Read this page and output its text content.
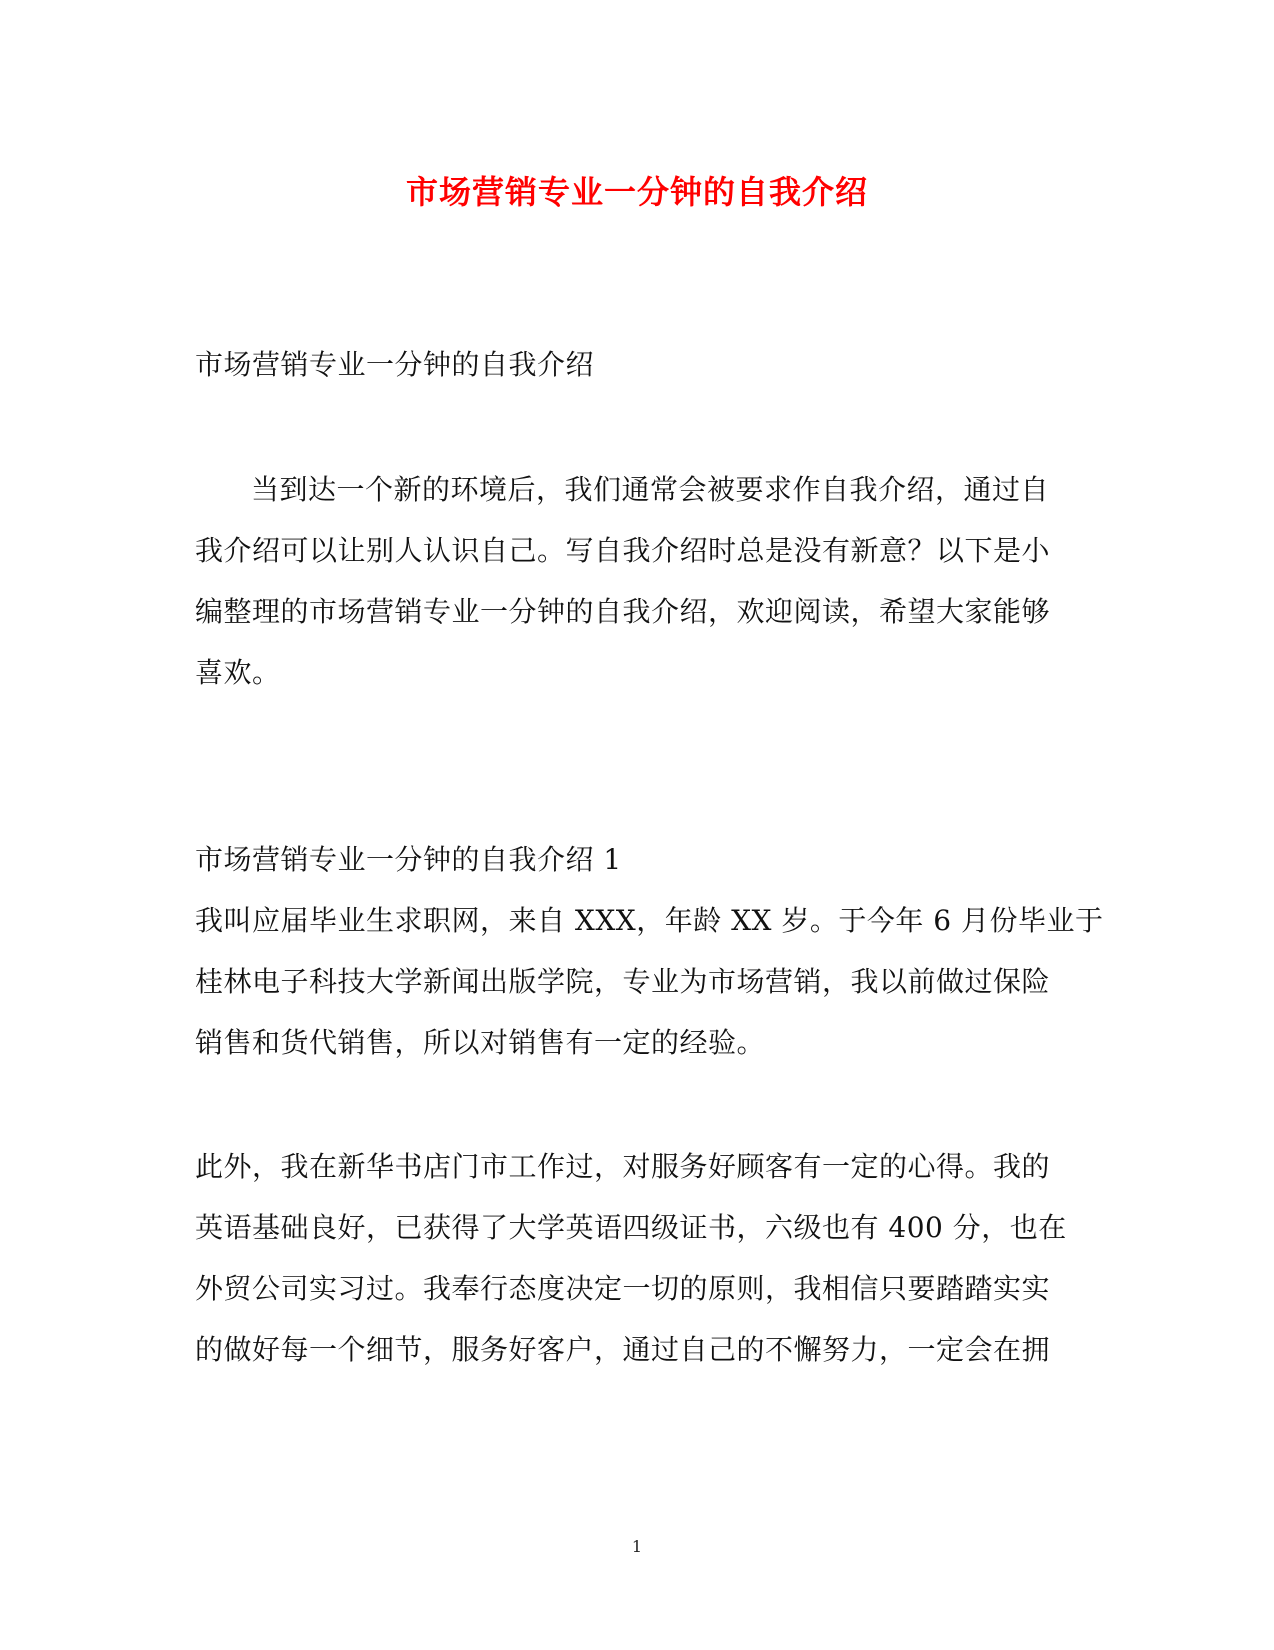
市场营销专业一分钟的自我介绍
市场营销专业一分钟的自我介绍
当到达一个新的环境后，我们通常会被要求作自我介绍，通过自
我介绍可以让别人认识自己。写自我介绍时总是没有新意？以下是小
编整理的市场营销专业一分钟的自我介绍，欢迎阅读，希望大家能够
喜欢。
市场营销专业一分钟的自我介绍 1
我叫应届毕业生求职网，来自 XXX，年龄 XX 岁。于今年 6 月份毕业于
桂林电子科技大学新闻出版学院，专业为市场营销，我以前做过保险
销售和货代销售，所以对销售有一定的经验。
此外，我在新华书店门市工作过，对服务好顾客有一定的心得。我的
英语基础良好，已获得了大学英语四级证书，六级也有 400 分，也在
外贸公司实习过。我奉行态度决定一切的原则，我相信只要踏踏实实
的做好每一个细节，服务好客户，通过自己的不懈努力，一定会在拥
1
